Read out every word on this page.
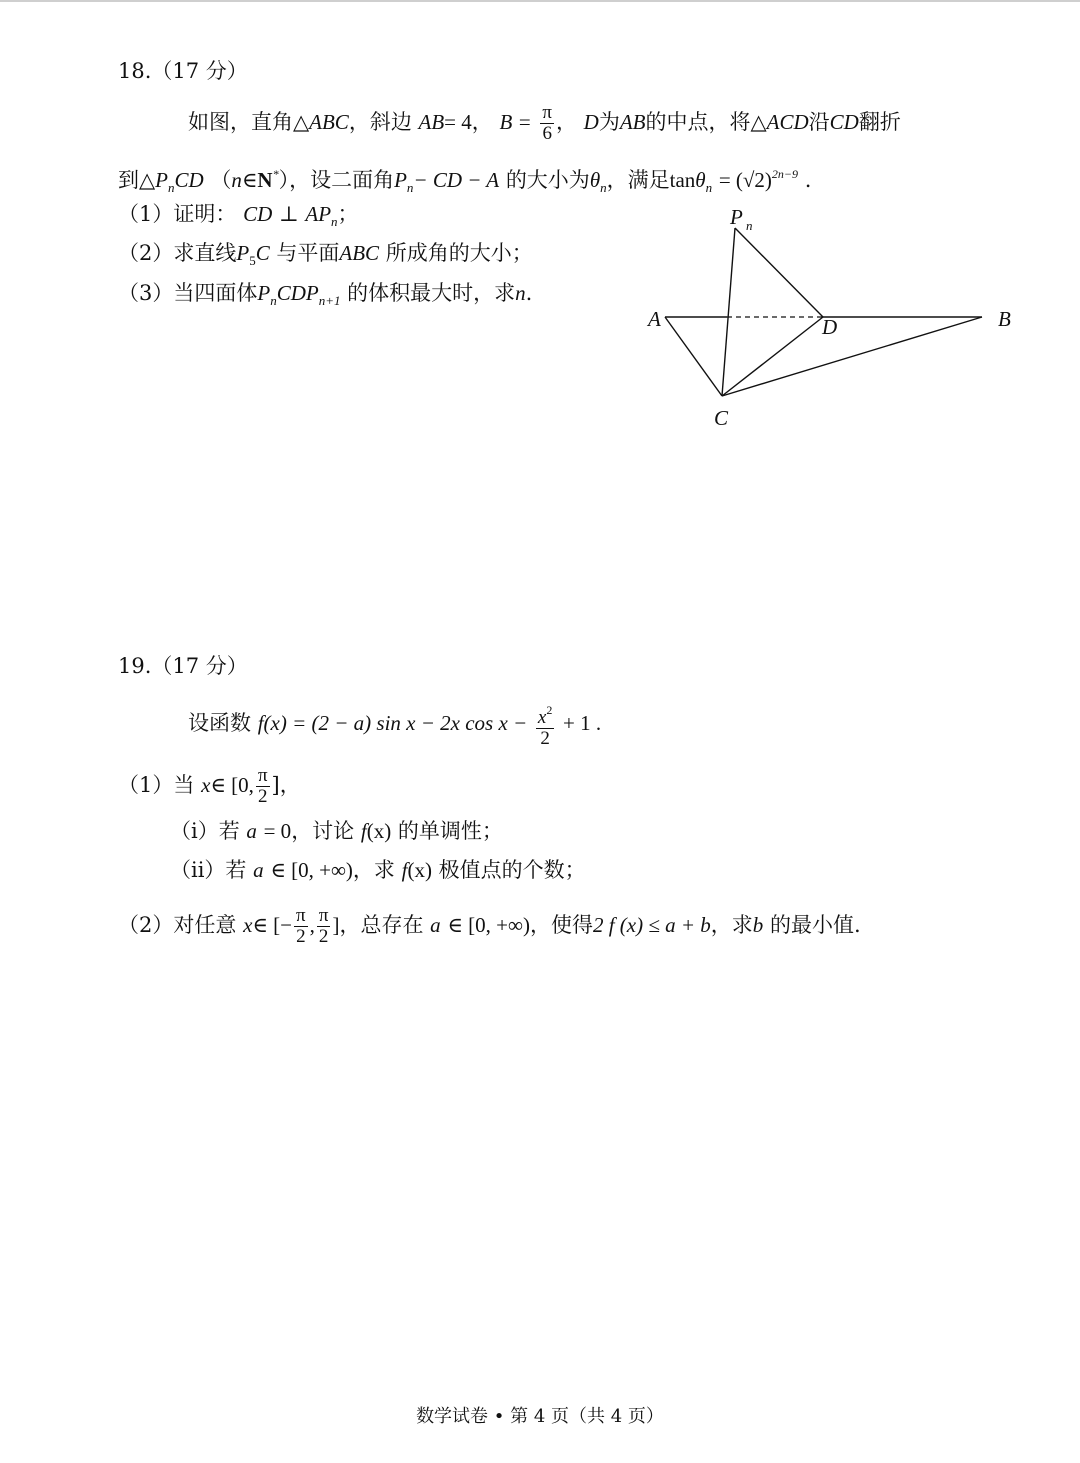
18.（17 分）
如图，直角△ABC，斜边 AB= 4， $B = \frac{\pi}{6}$ ， D为AB的中点，将△ACD沿CD翻折
到$\triangle P_nCD$ （n∈N*），设二面角$P_n-$ CD − A 的大小为$\theta_n$，满足$\tan\theta_n = (√2)^{2n-9}$ .
（1）证明： CD ⊥ $AP_n$；
（2）求直线$P_5C$ 与平面ABC 所成角的大小；
（3）当四面体$P_nCDP_{n+1}$ 的体积最大时，求n.
P n
A	B
C
D
19.（17 分）
设函数 f(x) = (2 − a) sin x − 2x $\cos x - \frac{x^2}{2} + 1$ .
（1）当 x∈ [0, $\frac{\pi}{2}$ ]，
（i）若 a = 0，讨论 f(x) 的单调性；
（ii）若 a ∈ [0, +∞)，求 f(x) 极值点的个数；
（2）对任意 x∈ [− $\frac{\pi}{2}$ , $\frac{\pi}{2}$ ]，总存在 a ∈ [0, +∞)，使得2 f (x) ≤ a + b，求b 的最小值.
数学试卷 • 第 4 页（共 4 页）
